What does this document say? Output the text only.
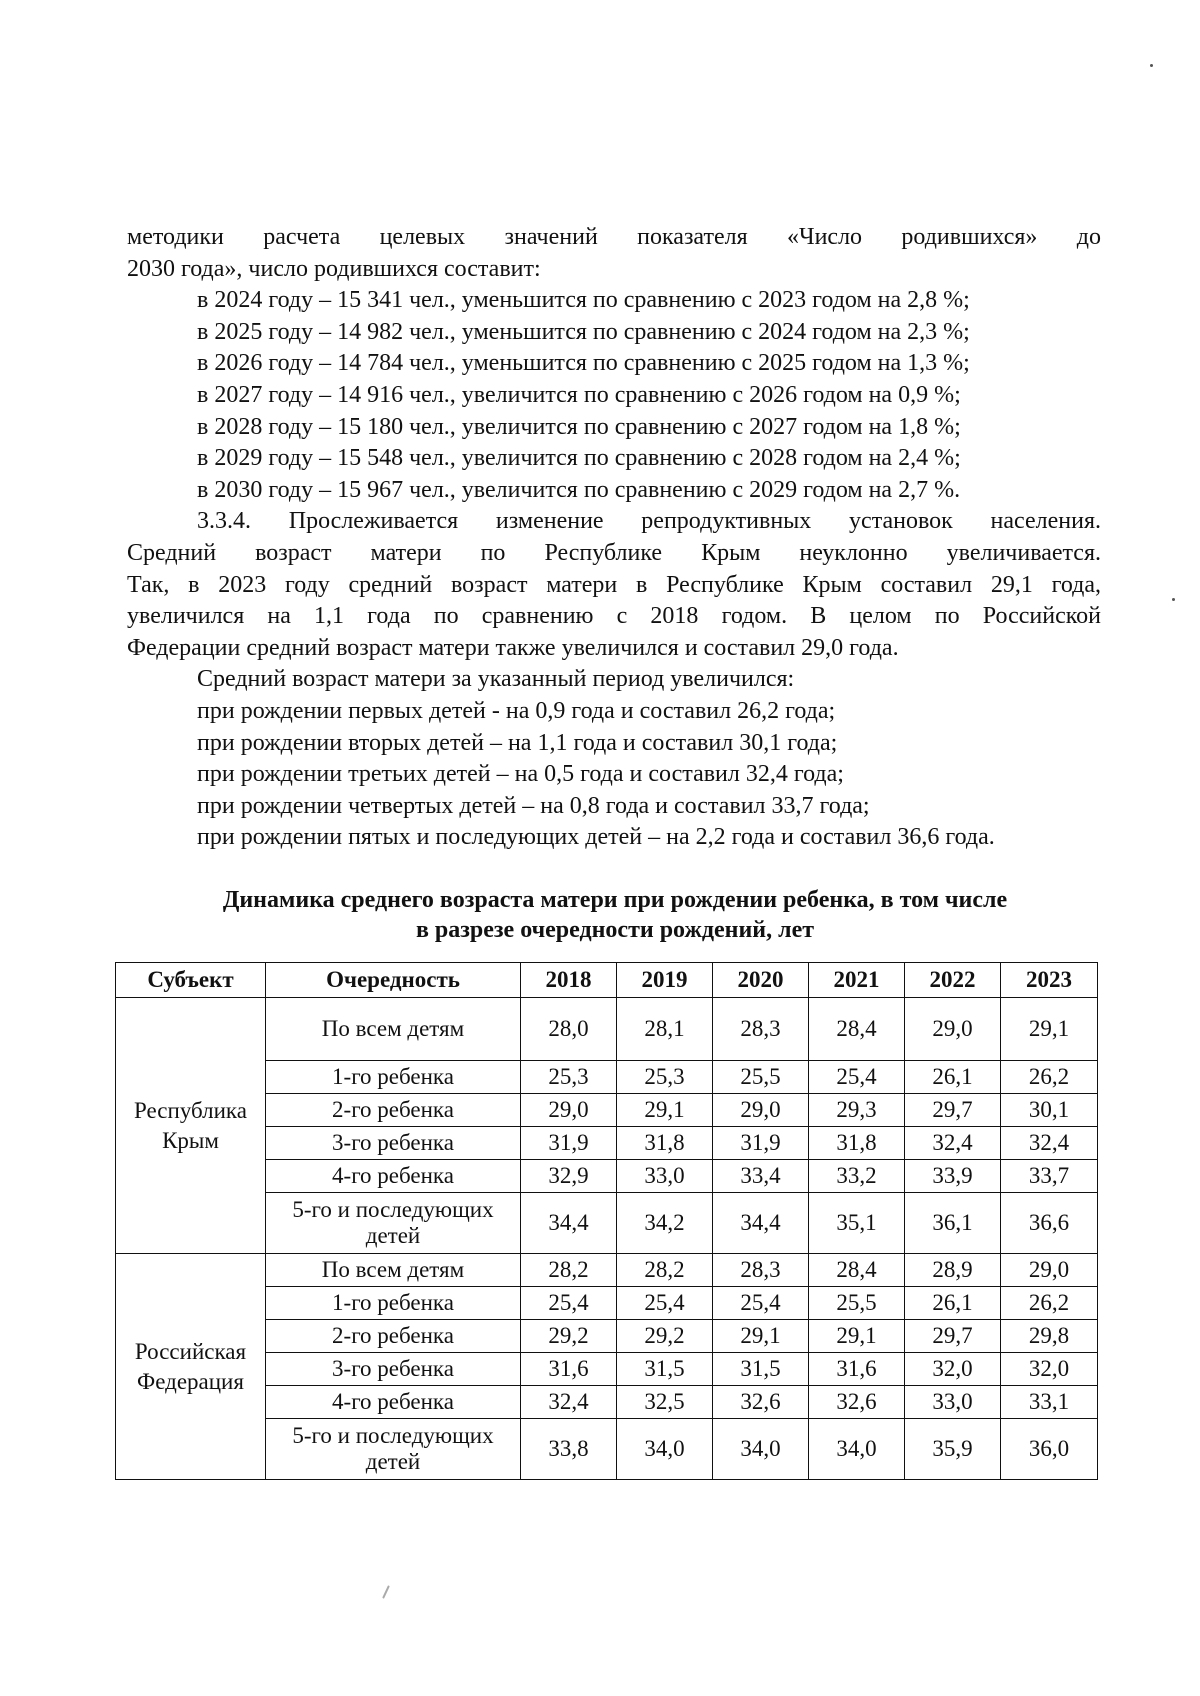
методики расчета целевых значений показателя «Число родившихся» до
2030 года», число родившихся составит:
в 2024 году – 15 341 чел., уменьшится по сравнению с 2023 годом на 2,8 %;
в 2025 году – 14 982 чел., уменьшится по сравнению с 2024 годом на 2,3 %;
в 2026 году – 14 784 чел., уменьшится по сравнению с 2025 годом на 1,3 %;
в 2027 году – 14 916 чел., увеличится по сравнению с 2026 годом на 0,9 %;
в 2028 году – 15 180 чел., увеличится по сравнению с 2027 годом на 1,8 %;
в 2029 году – 15 548 чел., увеличится по сравнению с 2028 годом на 2,4 %;
в 2030 году – 15 967 чел., увеличится по сравнению с 2029 годом на 2,7 %.
3.3.4. Прослеживается изменение репродуктивных установок населения.
Средний возраст матери по Республике Крым неуклонно увеличивается.
Так, в 2023 году средний возраст матери в Республике Крым составил 29,1 года,
увеличился на 1,1 года по сравнению с 2018 годом. В целом по Российской
Федерации средний возраст матери также увеличился и составил 29,0 года.
Средний возраст матери за указанный период увеличился:
при рождении первых детей - на 0,9 года и составил 26,2 года;
при рождении вторых детей – на 1,1 года и составил 30,1 года;
при рождении третьих детей – на 0,5 года и составил 32,4 года;
при рождении четвертых детей – на 0,8 года и составил 33,7 года;
при рождении пятых и последующих детей – на 2,2 года и составил 36,6 года.
Динамика среднего возраста матери при рождении ребенка, в том числе
в разрезе очередности рождений, лет
Субъект	Очередность	2018	2019	2020	2021	2022	2023
Республика Крым	По всем детям	28,0	28,1	28,3	28,4	29,0	29,1
	1-го ребенка	25,3	25,3	25,5	25,4	26,1	26,2
	2-го ребенка	29,0	29,1	29,0	29,3	29,7	30,1
	3-го ребенка	31,9	31,8	31,9	31,8	32,4	32,4
	4-го ребенка	32,9	33,0	33,4	33,2	33,9	33,7
	5-го и последующих детей	34,4	34,2	34,4	35,1	36,1	36,6
Российская Федерация	По всем детям	28,2	28,2	28,3	28,4	28,9	29,0
	1-го ребенка	25,4	25,4	25,4	25,5	26,1	26,2
	2-го ребенка	29,2	29,2	29,1	29,1	29,7	29,8
	3-го ребенка	31,6	31,5	31,5	31,6	32,0	32,0
	4-го ребенка	32,4	32,5	32,6	32,6	33,0	33,1
	5-го и последующих детей	33,8	34,0	34,0	34,0	35,9	36,0
